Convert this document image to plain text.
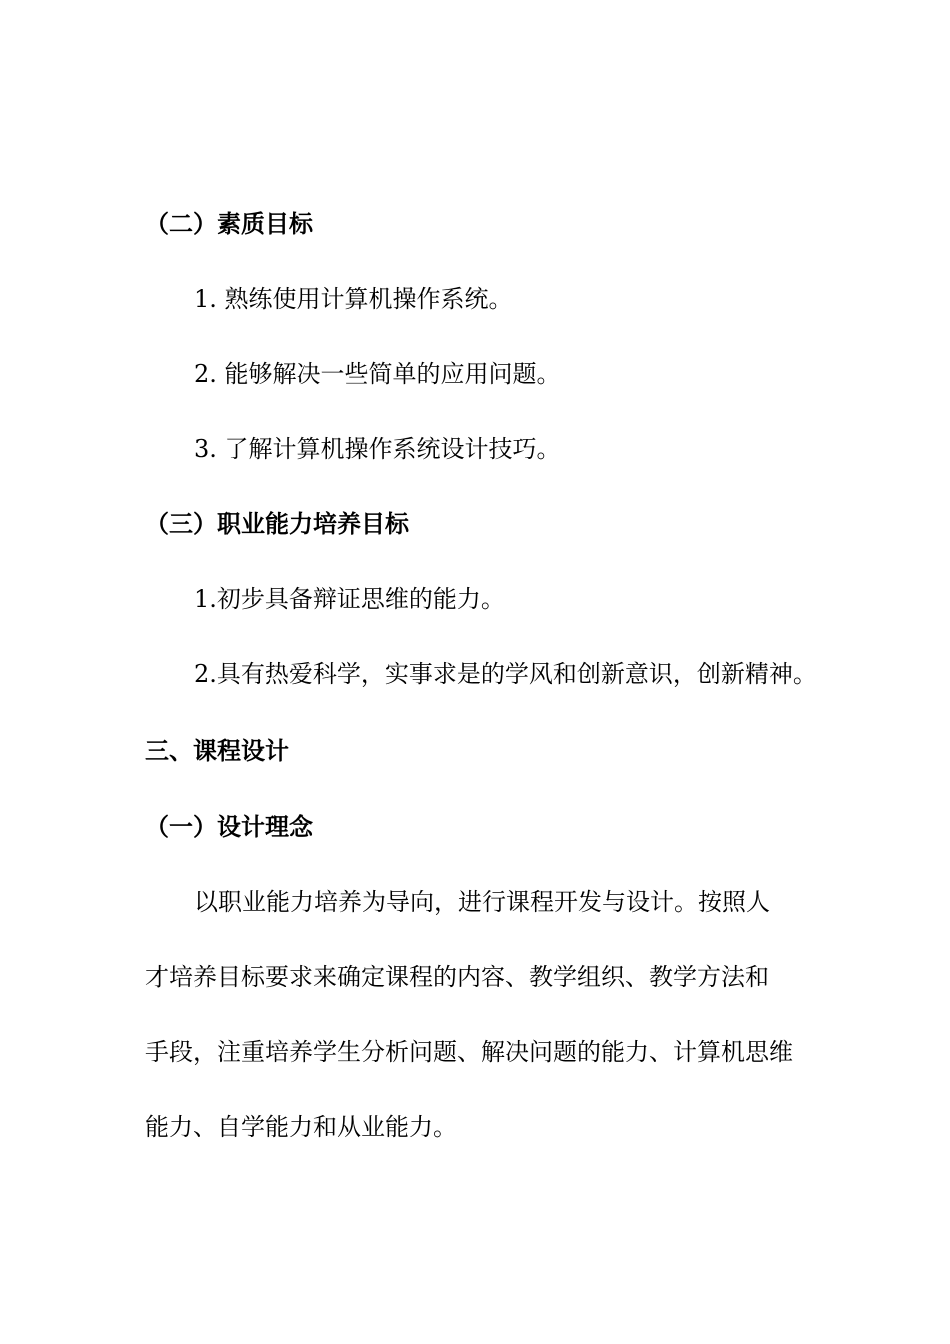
（二）素质目标
1. 熟练使用计算机操作系统。
2. 能够解决一些简单的应用问题。
3. 了解计算机操作系统设计技巧。
（三）职业能力培养目标
1.初步具备辩证思维的能力。
2.具有热爱科学，实事求是的学风和创新意识，创新精神。
三、课程设计
（一）设计理念
以职业能力培养为导向，进行课程开发与设计。按照人
才培养目标要求来确定课程的内容、教学组织、教学方法和
手段，注重培养学生分析问题、解决问题的能力、计算机思维
能力、自学能力和从业能力。
